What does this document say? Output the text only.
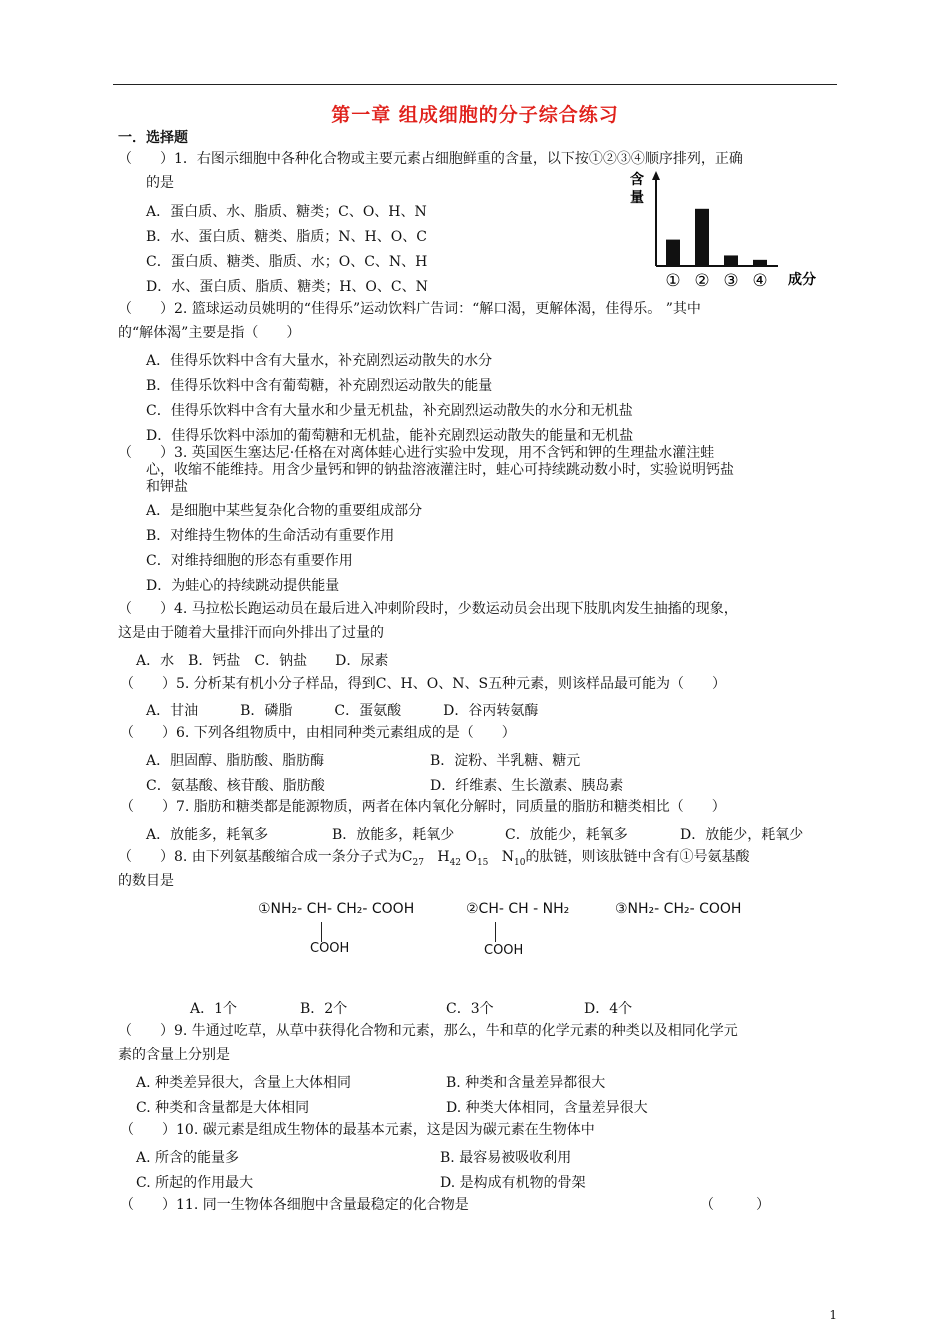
第一章 组成细胞的分子综合练习
一．选择题
（　　）1．右图示细胞中各种化合物或主要元素占细胞鲜重的含量，以下按①②③④顺序排列，正确
的是
A．蛋白质、水、脂质、糖类；C、O、H、N
B．水、蛋白质、糖类、脂质；N、H、O、C
C．蛋白质、糖类、脂质、水；O、C、N、H
D．水、蛋白质、脂质、糖类；H、O、C、N
含
量
① ② ③ ④ 成分
（　　）2. 篮球运动员姚明的“佳得乐”运动饮料广告词：“解口渴，更解体渴，佳得乐。 ”其中
的“解体渴”主要是指（　　）
A．佳得乐饮料中含有大量水，补充剧烈运动散失的水分
B．佳得乐饮料中含有葡萄糖，补充剧烈运动散失的能量
C．佳得乐饮料中含有大量水和少量无机盐，补充剧烈运动散失的水分和无机盐
D．佳得乐饮料中添加的葡萄糖和无机盐，能补充剧烈运动散失的能量和无机盐
（　　）3. 英国医生塞达尼·任格在对离体蛙心进行实验中发现，用不含钙和钾的生理盐水灌注蛙
心，收缩不能维持。用含少量钙和钾的钠盐溶液灌注时，蛙心可持续跳动数小时，实验说明钙盐
和钾盐
A．是细胞中某些复杂化合物的重要组成部分
B．对维持生物体的生命活动有重要作用
C．对维持细胞的形态有重要作用
D．为蛙心的持续跳动提供能量
（　　）4. 马拉松长跑运动员在最后进入冲刺阶段时，少数运动员会出现下肢肌肉发生抽搐的现象，
这是由于随着大量排汗而向外排出了过量的
A．水　B．钙盐　C．钠盐　　D．尿素
（　　）5. 分析某有机小分子样品，得到C、H、O、N、S五种元素，则该样品最可能为（　　）
A．甘油　　　B．磷脂　　　C．蛋氨酸　　　D．谷丙转氨酶
（　　）6. 下列各组物质中，由相同种类元素组成的是（　　）
A．胆固醇、脂肪酸、脂肪酶	B．淀粉、半乳糖、糖元
C．氨基酸、核苷酸、脂肪酸	D．纤维素、生长激素、胰岛素
（　　）7. 脂肪和糖类都是能源物质，两者在体内氧化分解时，同质量的脂肪和糖类相比（　　）
A．放能多，耗氧多	B．放能多，耗氧少	C．放能少，耗氧多	D．放能少，耗氧少
（　　）8. 由下列氨基酸缩合成一条分子式为$C_{27}$ $H_{42}$ $O_{15}$ $N_{10}$的肽链，则该肽链中含有①号氨基酸
的数目是
①NH₂- CH- CH₂- COOH
COOH
②CH- CH - NH₂
COOH
③NH₂- CH₂- COOH
A．1个	B．2个	C．3个	D．4个
（　　）9. 牛通过吃草，从草中获得化合物和元素，那么，牛和草的化学元素的种类以及相同化学元
素的含量上分别是
A. 种类差异很大，含量上大体相同	B. 种类和含量差异都很大
C. 种类和含量都是大体相同	D. 种类大体相同，含量差异很大
（　　）10. 碳元素是组成生物体的最基本元素，这是因为碳元素在生物体中
A. 所含的能量多	B. 最容易被吸收利用
C. 所起的作用最大	D. 是构成有机物的骨架
（　　）11. 同一生物体各细胞中含量最稳定的化合物是	（　　　）
1
